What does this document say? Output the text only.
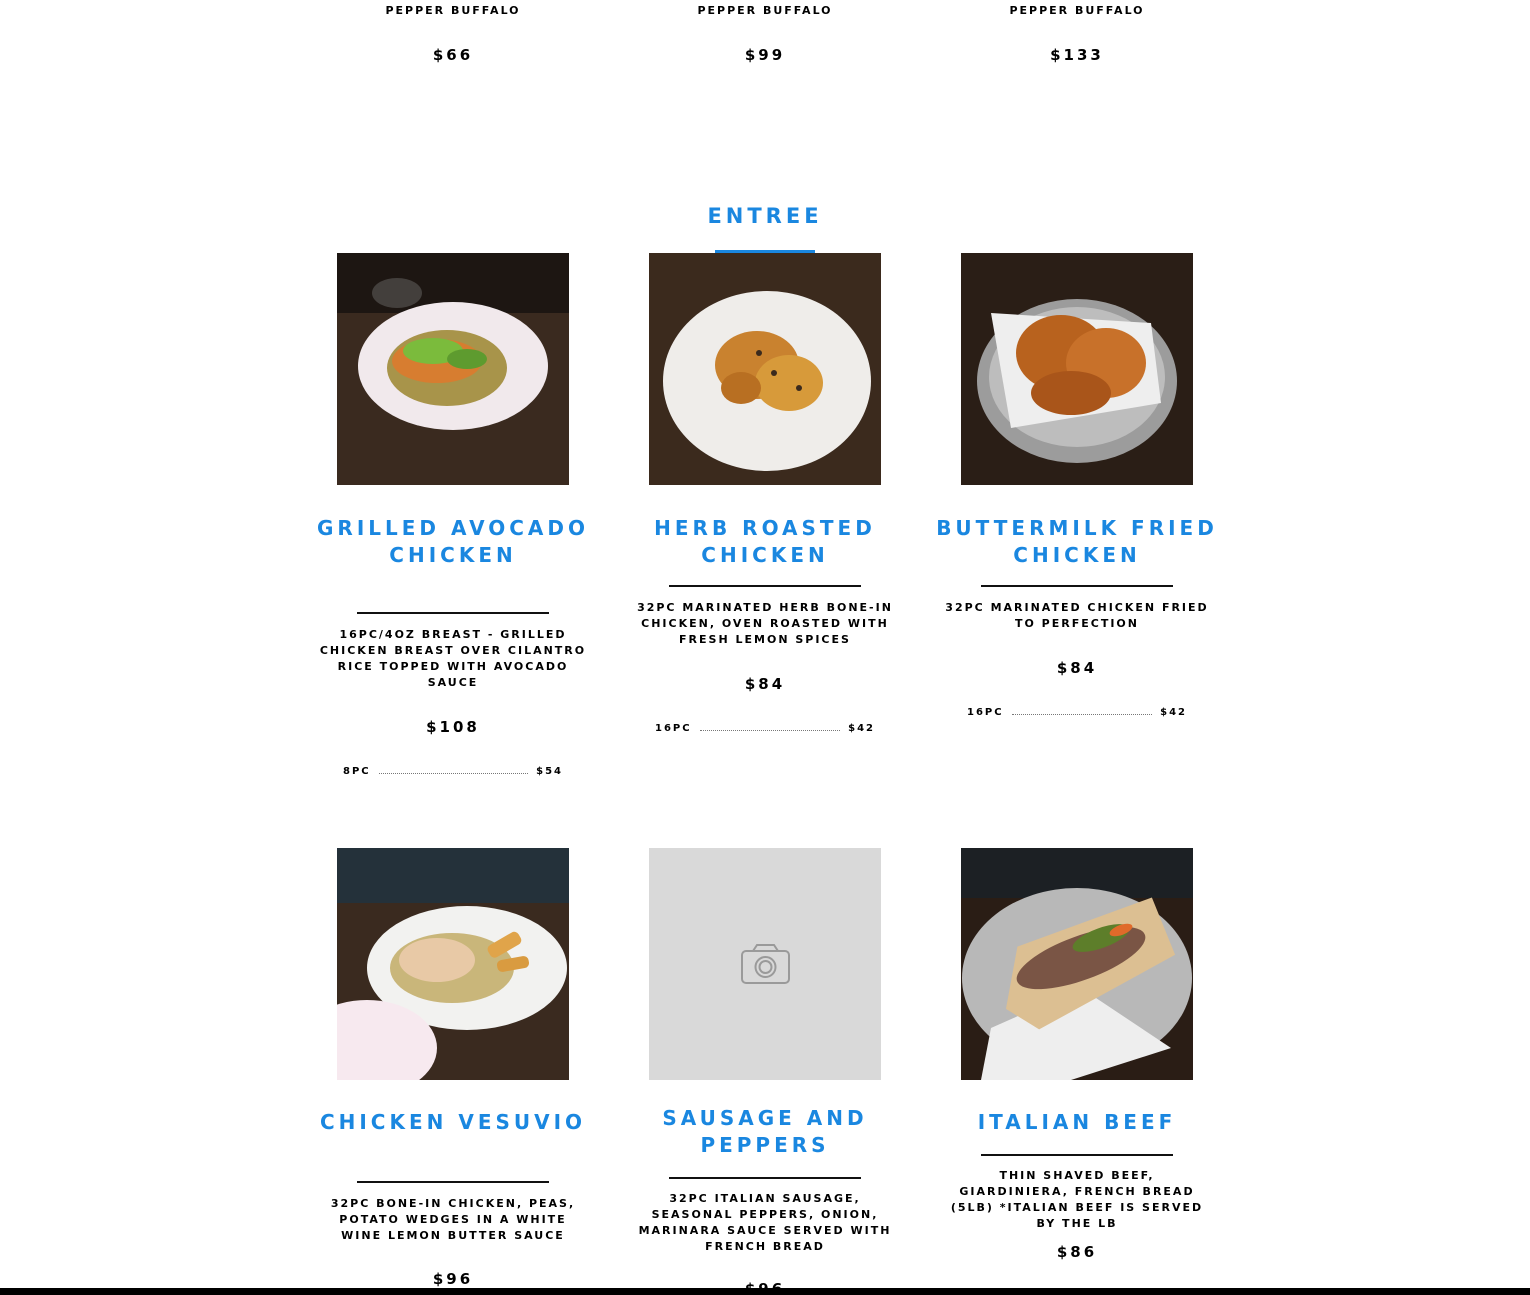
PEPPER BUFFALO
$66
PEPPER BUFFALO
$99
PEPPER BUFFALO
$133
ENTREE
GRILLED AVOCADO CHICKEN
16PC/4OZ BREAST - GRILLED CHICKEN BREAST OVER CILANTRO RICE TOPPED WITH AVOCADO SAUCE
$108
8PC	$54
HERB ROASTED CHICKEN
32PC MARINATED HERB BONE-IN CHICKEN, OVEN ROASTED WITH FRESH LEMON SPICES
$84
16PC	$42
BUTTERMILK FRIED CHICKEN
32PC MARINATED CHICKEN FRIED TO PERFECTION
$84
16PC	$42
CHICKEN VESUVIO
32PC BONE-IN CHICKEN, PEAS, POTATO WEDGES IN A WHITE WINE LEMON BUTTER SAUCE
$96
SAUSAGE AND PEPPERS
32PC ITALIAN SAUSAGE, SEASONAL PEPPERS, ONION, MARINARA SAUCE SERVED WITH FRENCH BREAD
ITALIAN BEEF
THIN SHAVED BEEF, GIARDINIERA, FRENCH BREAD (5LB) *ITALIAN BEEF IS SERVED BY THE LB
$86
